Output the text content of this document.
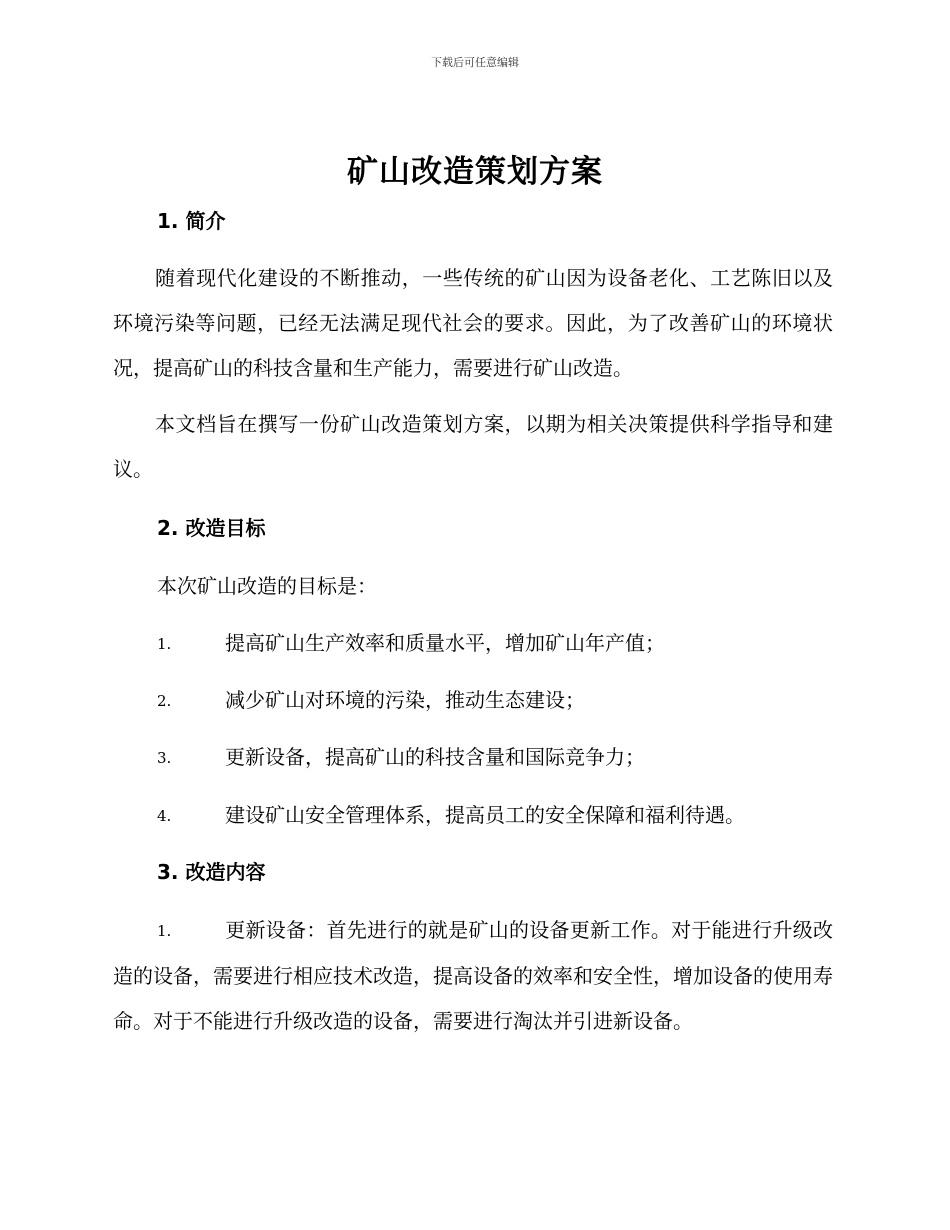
下载后可任意编辑
矿山改造策划方案
1. 简介

随着现代化建设的不断推动，一些传统的矿山因为设备老化、工艺陈旧以及环境污染等问题，已经无法满足现代社会的要求。因此，为了改善矿山的环境状况，提高矿山的科技含量和生产能力，需要进行矿山改造。

本文档旨在撰写一份矿山改造策划方案，以期为相关决策提供科学指导和建议。

2. 改造目标
本次矿山改造的目标是：
1.	提高矿山生产效率和质量水平，增加矿山年产值；
2.	减少矿山对环境的污染，推动生态建设；
3.	更新设备，提高矿山的科技含量和国际竞争力；
4.	建设矿山安全管理体系，提高员工的安全保障和福利待遇。
3. 改造内容

1.	更新设备：首先进行的就是矿山的设备更新工作。对于能进行升级改造的设备，需要进行相应技术改造，提高设备的效率和安全性，增加设备的使用寿命。对于不能进行升级改造的设备，需要进行淘汰并引进新设备。
